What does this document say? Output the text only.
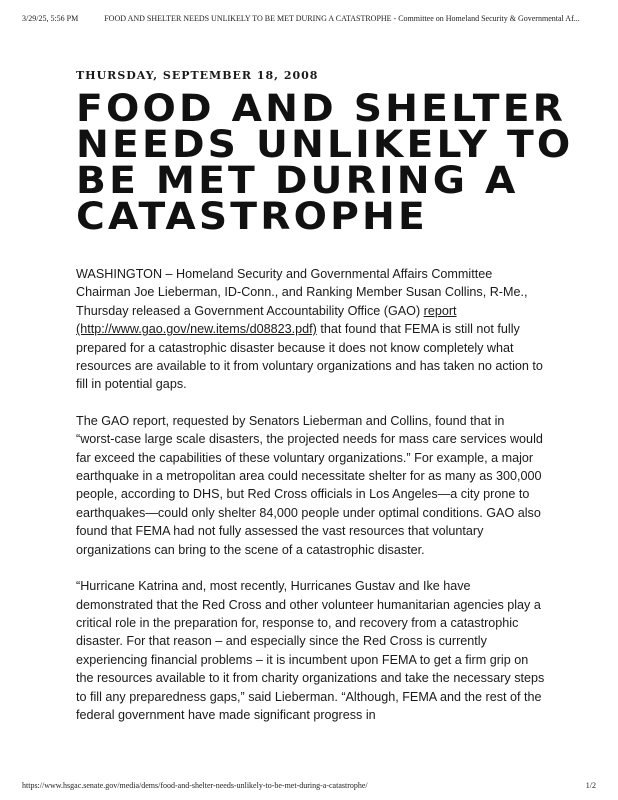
3/29/25, 5:56 PM	FOOD AND SHELTER NEEDS UNLIKELY TO BE MET DURING A CATASTROPHE - Committee on Homeland Security & Governmental Af...
THURSDAY, SEPTEMBER 18, 2008
FOOD AND SHELTER NEEDS UNLIKELY TO BE MET DURING A CATASTROPHE

WASHINGTON – Homeland Security and Governmental Affairs Committee Chairman Joe Lieberman, ID-Conn., and Ranking Member Susan Collins, R-Me., Thursday released a Government Accountability Office (GAO) report (http://www.gao.gov/new.items/d08823.pdf) that found that FEMA is still not fully prepared for a catastrophic disaster because it does not know completely what resources are available to it from voluntary organizations and has taken no action to fill in potential gaps.

The GAO report, requested by Senators Lieberman and Collins, found that in “worst-case large scale disasters, the projected needs for mass care services would far exceed the capabilities of these voluntary organizations.” For example, a major earthquake in a metropolitan area could necessitate shelter for as many as 300,000 people, according to DHS, but Red Cross officials in Los Angeles—a city prone to earthquakes—could only shelter 84,000 people under optimal conditions. GAO also found that FEMA had not fully assessed the vast resources that voluntary organizations can bring to the scene of a catastrophic disaster.

“Hurricane Katrina and, most recently, Hurricanes Gustav and Ike have demonstrated that the Red Cross and other volunteer humanitarian agencies play a critical role in the preparation for, response to, and recovery from a catastrophic disaster. For that reason – and especially since the Red Cross is currently experiencing financial problems – it is incumbent upon FEMA to get a firm grip on the resources available to it from charity organizations and take the necessary steps to fill any preparedness gaps,” said Lieberman. “Although, FEMA and the rest of the federal government have made significant progress in

https://www.hsgac.senate.gov/media/dems/food-and-shelter-needs-unlikely-to-be-met-during-a-catastrophe/	1/2
